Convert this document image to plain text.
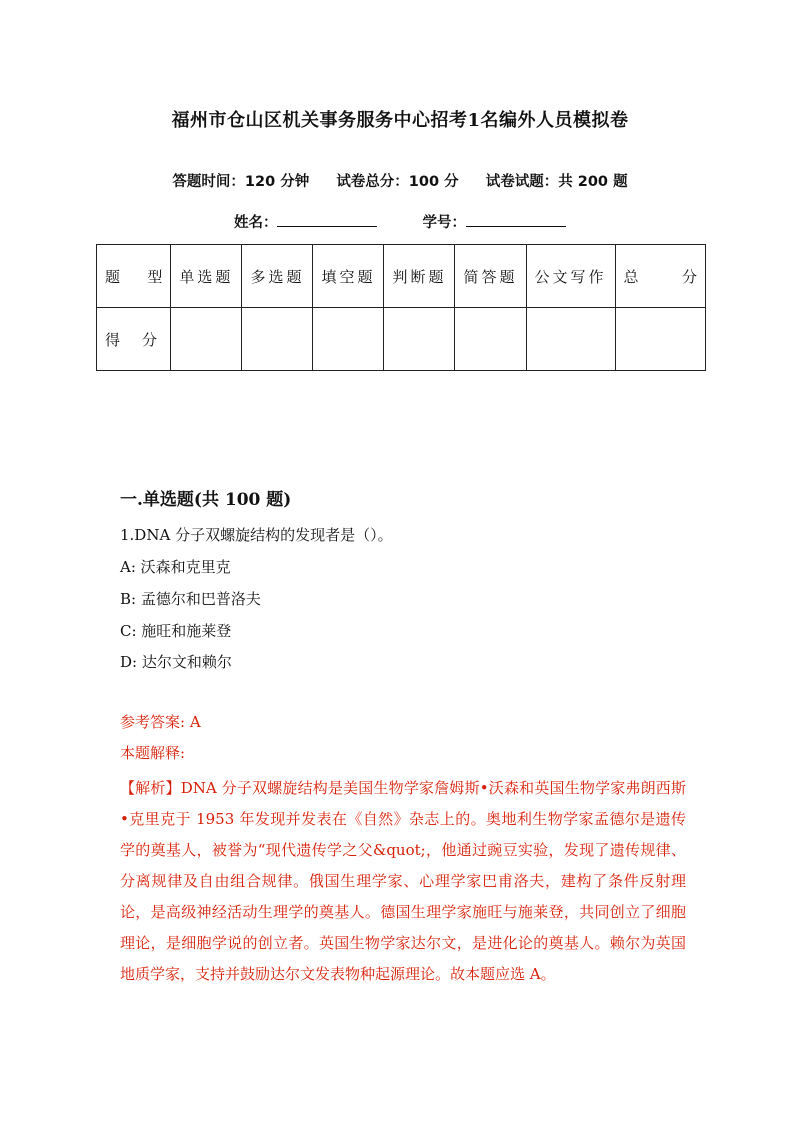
福州市仓山区机关事务服务中心招考1名编外人员模拟卷
答题时间：120 分钟 试卷总分：100 分 试卷试题：共 200 题
姓名：	学号：
题 型	单选题	多选题	填空题	判断题	简答题	公文写作	总 分

得 分							

一.单选题(共 100 题)
1.DNA 分子双螺旋结构的发现者是（）。
A: 沃森和克里克
B: 孟德尔和巴普洛夫
C: 施旺和施莱登
D: 达尔文和赖尔
参考答案: A
本题解释:
【解析】DNA 分子双螺旋结构是美国生物学家詹姆斯•沃森和英国生物学家弗朗西斯•克里克于 1953 年发现并发表在《自然》杂志上的。奥地利生物学家孟德尔是遗传学的奠基人，被誉为“现代遗传学之父&quot;，他通过豌豆实验，发现了遗传规律、分离规律及自由组合规律。俄国生理学家、心理学家巴甫洛夫，建构了条件反射理论，是高级神经活动生理学的奠基人。德国生理学家施旺与施莱登，共同创立了细胞理论，是细胞学说的创立者。英国生物学家达尔文，是进化论的奠基人。赖尔为英国地质学家，支持并鼓励达尔文发表物种起源理论。故本题应选 A。
